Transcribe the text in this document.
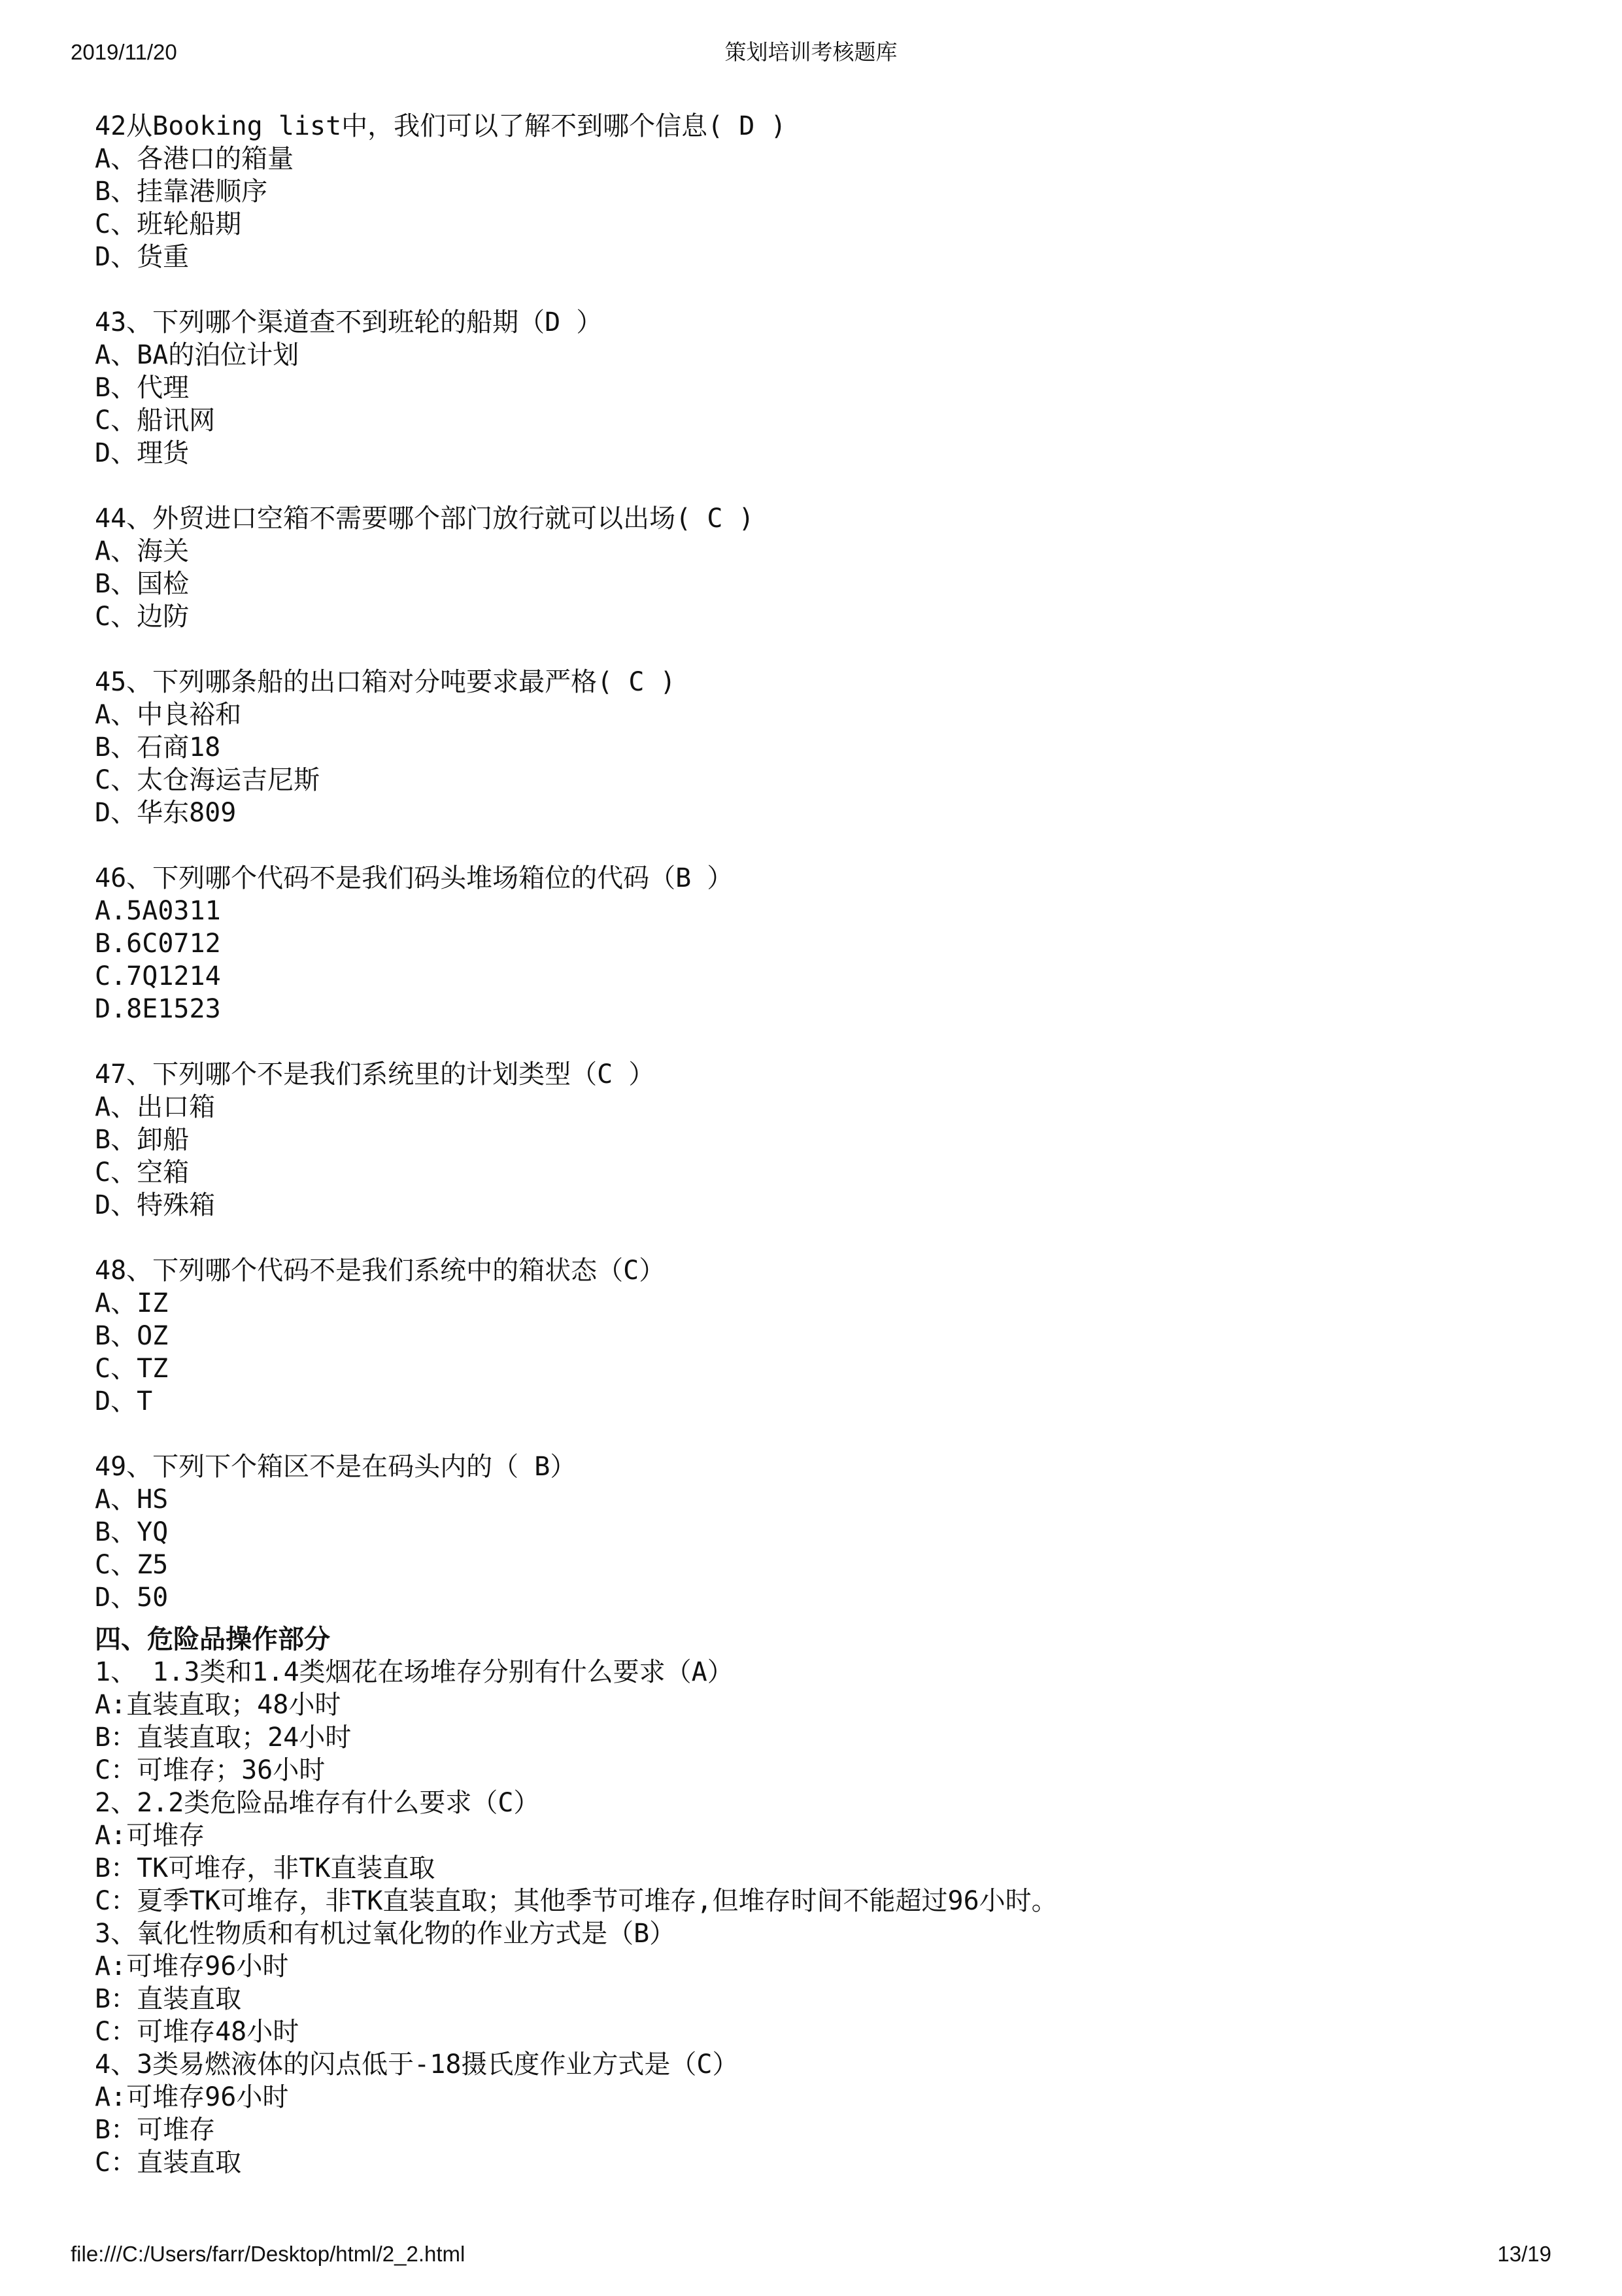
2019/11/20	策划培训考核题库
42从Booking list中，我们可以了解不到哪个信息( D )
A、各港口的箱量
B、挂靠港顺序
C、班轮船期
D、货重
43、下列哪个渠道查不到班轮的船期（D ）
A、BA的泊位计划
B、代理
C、船讯网
D、理货
44、外贸进口空箱不需要哪个部门放行就可以出场( C )
A、海关
B、国检
C、边防
45、下列哪条船的出口箱对分吨要求最严格( C )
A、中良裕和
B、石商18
C、太仓海运吉尼斯
D、华东809
46、下列哪个代码不是我们码头堆场箱位的代码（B ）
A.5A0311
B.6C0712
C.7Q1214
D.8E1523
47、下列哪个不是我们系统里的计划类型（C ）
A、出口箱
B、卸船
C、空箱
D、特殊箱
48、下列哪个代码不是我们系统中的箱状态（C）
A、IZ
B、OZ
C、TZ
D、T
49、下列下个箱区不是在码头内的（ B）
A、HS
B、YQ
C、Z5
D、50
四、危险品操作部分
1、 1.3类和1.4类烟花在场堆存分别有什么要求（A）
A:直装直取；48小时
B：直装直取；24小时
C：可堆存；36小时
2、2.2类危险品堆存有什么要求（C）
A:可堆存
B：TK可堆存，非TK直装直取
C：夏季TK可堆存，非TK直装直取；其他季节可堆存,但堆存时间不能超过96小时。
3、氧化性物质和有机过氧化物的作业方式是（B）
A:可堆存96小时
B：直装直取
C：可堆存48小时
4、3类易燃液体的闪点低于-18摄氏度作业方式是（C）
A:可堆存96小时
B：可堆存
C：直装直取
file:///C:/Users/farr/Desktop/html/2_2.html	13/19
